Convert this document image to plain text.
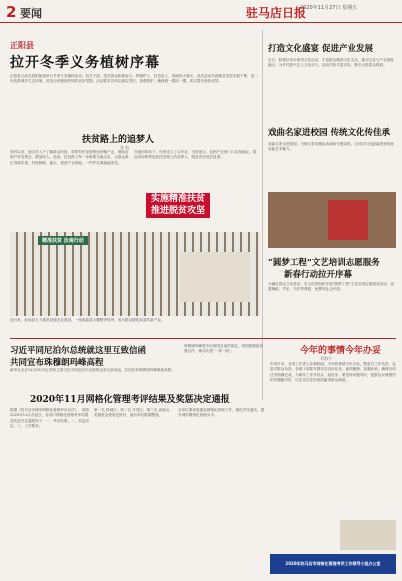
2 要闻	驻马店日报
2020年11月27日 星期五
正阳县
拉开冬季义务植树序幕
正阳县日前在真阳街道举行冬季义务植树活动，机关干部、党员群众积极参与，挥锹铲土、扶苗培土，现场热火朝天。此次活动共栽植各类苗木数千株，进一步改善城乡生态环境，营造全民植绿护绿的良好氛围。活动要求各单位落实责任，加强管护，确保栽一棵活一棵，切实提升绿化成效。
扶贫路上的追梦人
张 航
驻村以来，他走村入户了解群众所需，带领村民发展特色种植产业，帮助贫困户转变观念、增加收入。他说，扶贫路上每一步都要走稳走实，让群众真正得到实惠。村里修路、通水、建设产业基地，一件件实事落地见效。
在他的带动下，村里成立了合作社，引进项目，贫困户在家门口实现就业。群众纷纷称赞他是扶贫路上的追梦人，脱贫攻坚成效显著。
实施精准扶贫
推进脱贫攻坚
精准扶贫 汝南行动
连日来，汝南县大力推进设施农业建设，一座座蔬菜大棚整齐排列，成为群众增收致富的新产业。
打造文化盛宴 促进产业发展
近日，驿城区举办系列文化活动，丰富群众精神文化生活，推动文化与产业深度融合，为乡村振兴注入文化动力。活动内容丰富多彩，吸引大批群众观看。
戏曲名家进校园 传统文化传佳承
戏曲名家走进校园，为师生带来精彩表演和专题讲座，让同学们近距离感受传统戏曲艺术魅力。
“圆梦工程”文艺培训志愿服务
新春行动拉开序幕
为满足群众文化需求，市文化馆组织开展“圆梦工程”文艺培训志愿服务活动，设置舞蹈、声乐、书法等课程，免费向社会开放。
习近平同尼泊尔总统就这里互致信函
共同宣布珠穆朗玛峰高程
新华社北京11月25日电 国家主席习近平同尼泊尔总统班达里互致信函，共同宣布珠穆朗玛峰最新高程。
珠穆朗玛峰是中尼两国友谊的象征，两国将继续加强合作，推动共建“一带一路”。	今年的事情今年办妥
刘海平
年终岁末，各项工作进入冲刺阶段。今年的事情今年办妥，既是对工作负责，也是对群众负责。各级干部要对照年初目标任务，逐项梳理、查漏补缺，确保各项任务圆满完成，为明年工作开好头、起好步。要坚持问题导向，把群众反映强烈的问题解决好，以实实在在的成效赢得群众满意。
2020年11月网格化管理考评结果及奖惩决定通报
根据《驻马店市城市网格化管理考评办法》，现将2020年11月各县区、各部门网格化管理考评结果及奖惩决定通报如下：一、考评结果；二、奖惩决定；三、工作要求。
第一名 驿城区；第二名 开发区；第三名 高新区。奖励资金按规定拨付，落后单位限期整改。
各单位要高度重视网格化管理工作，强化责任落实，提升城市精细化管理水平。
2020年驻马店市网格化管理考评工作领导小组办公室
